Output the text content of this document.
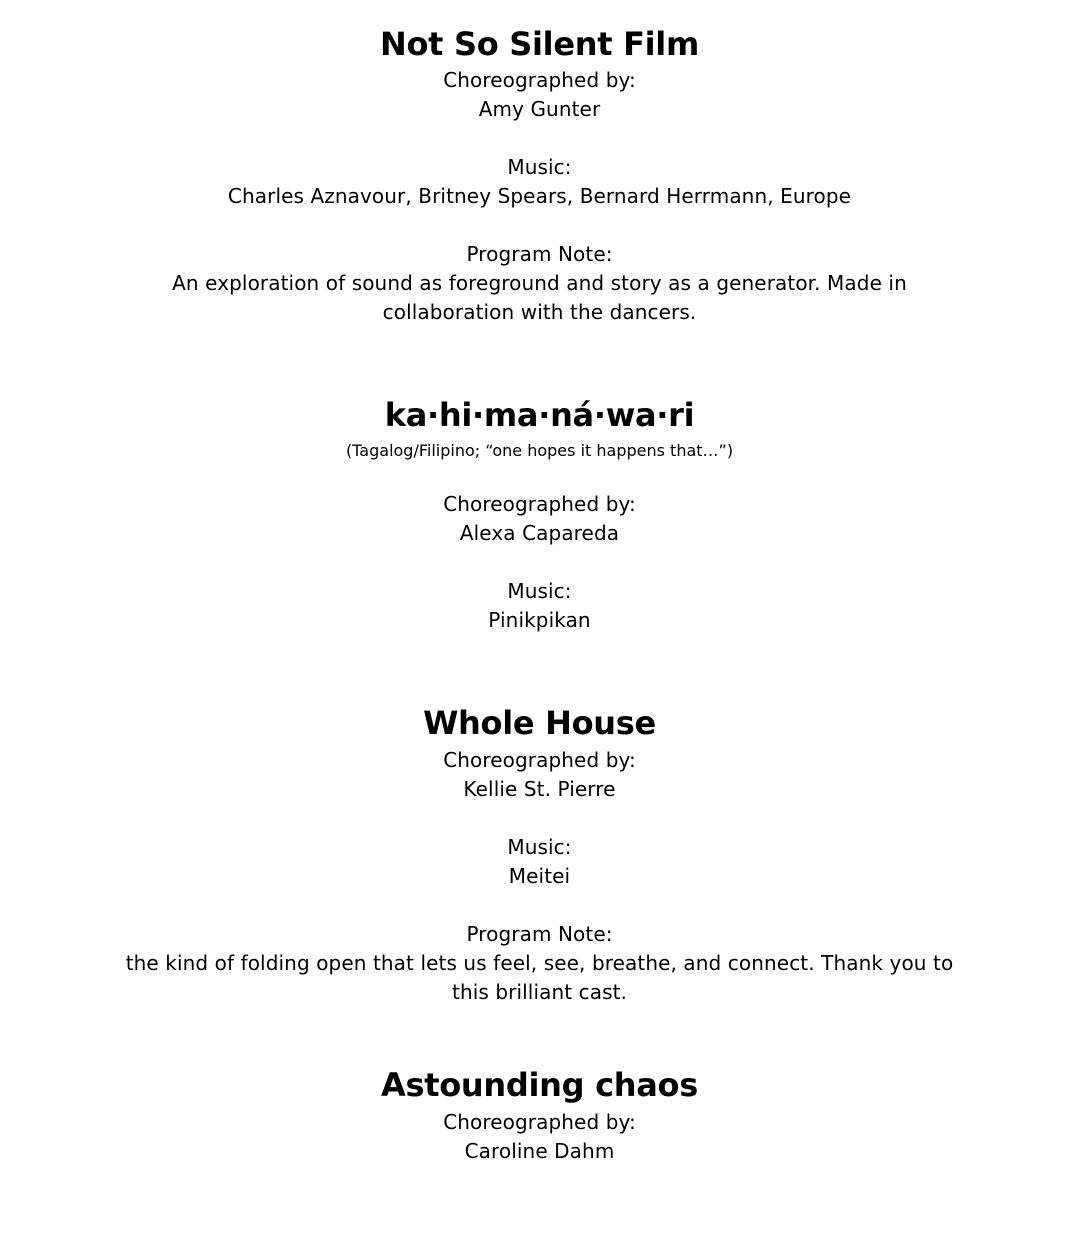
Not So Silent Film
Choreographed by:
Amy Gunter
Music:
Charles Aznavour, Britney Spears, Bernard Herrmann, Europe
Program Note:
An exploration of sound as foreground and story as a generator. Made in
collaboration with the dancers.
ka·hi·ma·ná·wa·ri
(Tagalog/Filipino; “one hopes it happens that…”)
Choreographed by:
Alexa Capareda
Music:
Pinikpikan
Whole House
Choreographed by:
Kellie St. Pierre
Music:
Meitei
Program Note:
the kind of folding open that lets us feel, see, breathe, and connect. Thank you to
this brilliant cast.
Astounding chaos
Choreographed by:
Caroline Dahm
